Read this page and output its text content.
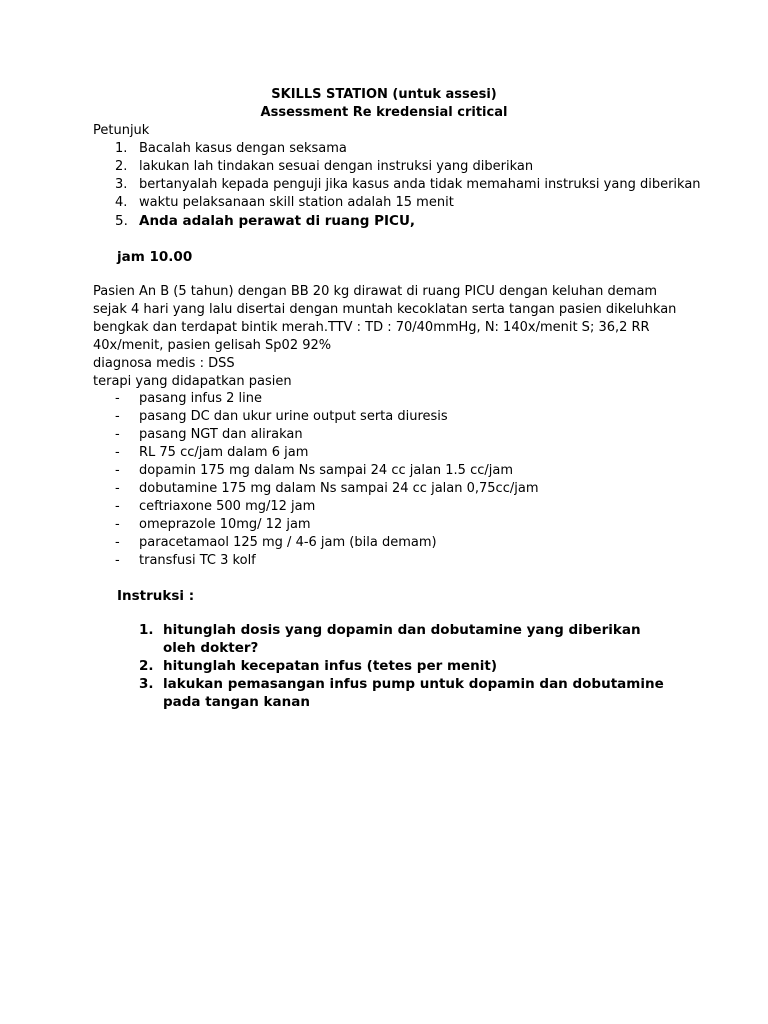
SKILLS STATION (untuk assesi)
Assessment Re kredensial critical
Petunjuk
1. Bacalah kasus dengan seksama
2. lakukan lah tindakan sesuai dengan instruksi yang diberikan
3. bertanyalah kepada penguji jika kasus anda tidak memahami instruksi yang diberikan
4. waktu pelaksanaan skill station adalah 15 menit
5. Anda adalah perawat di ruang PICU,
jam 10.00

Pasien An B (5 tahun) dengan BB 20 kg dirawat di ruang PICU dengan keluhan demam sejak 4 hari yang lalu disertai dengan muntah kecoklatan serta tangan pasien dikeluhkan bengkak dan terdapat bintik merah.TTV : TD : 70/40mmHg, N: 140x/menit S; 36,2 RR 40x/menit, pasien gelisah Sp02 92%

diagnosa medis : DSS

terapi yang didapatkan pasien

- pasang infus 2 line
- pasang DC dan ukur urine output serta diuresis
- pasang NGT dan alirakan
- RL 75 cc/jam dalam 6 jam
- dopamin 175 mg dalam Ns sampai 24 cc jalan 1.5 cc/jam
- dobutamine 175 mg dalam Ns sampai 24 cc jalan 0,75cc/jam
- ceftriaxone 500 mg/12 jam
- omeprazole 10mg/ 12 jam
- paracetamaol 125 mg / 4-6 jam (bila demam)
- transfusi TC 3 kolf
Instruksi :
1. hitunglah dosis yang dopamin dan dobutamine yang diberikan oleh dokter?
2. hitunglah kecepatan infus (tetes per menit)
3. lakukan pemasangan infus pump untuk dopamin dan dobutamine pada tangan kanan
